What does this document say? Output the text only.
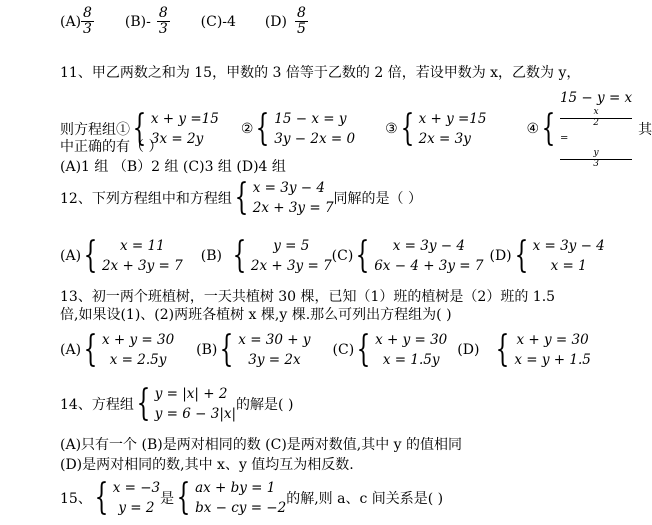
$(A) \frac{8}{3} (B)- \frac{8}{3} (C)-4$ $(D) \frac{8}{5}$
11、甲乙两数之和为 15，甲数的 3 倍等于乙数的 2 倍，若设甲数为 x，乙数为 y，
则方程组① { x + y =15
3x = 2y
② { 15 − x = y
3y − 2x = 0
③ { x + y =15
2x = 3y
④ {
15 − y = x
x
2
=
y
3
其
中正确的有（ ）
(A)1 组 （B）2 组 (C)3 组 (D)4 组
12、下列方程组中和方程组 { x = 3y − 4
2x + 3y = 7
同解的是（ ）
(A) {	x = 11
2x + 3y = 7
(B) {	y = 5
2x + 3y = 7
(C) {	x = 3y − 4
6x − 4 + 3y = 7
(D) { x = 3y − 4
x = 1
13、初一两个班植树，一天共植树 30 棵，已知（1）班的植树是（2）班的 1.5
倍,如果设(1)、(2)两班各植树 x 棵,y 棵.那么可列出方程组为( )
(A) { x + y = 30
x = 2.5y
(B) { x = 30 + y
3y = 2x
(C) { x + y = 30
x = 1.5y
(D) { x + y = 30
x = y + 1.5
14、方程组 { y = |x| + 2
y = 6 − 3|x|
的解是( )
(A)只有一个 (B)是两对相同的数 (C)是两对数值,其中 y 的值相同
(D)是两对相同的数,其中 x、y 值均互为相反数.
15、 { x = −3
y = 2
是 { ax + by = 1
bx − cy = −2
的解,则 a、c 间关系是( )
